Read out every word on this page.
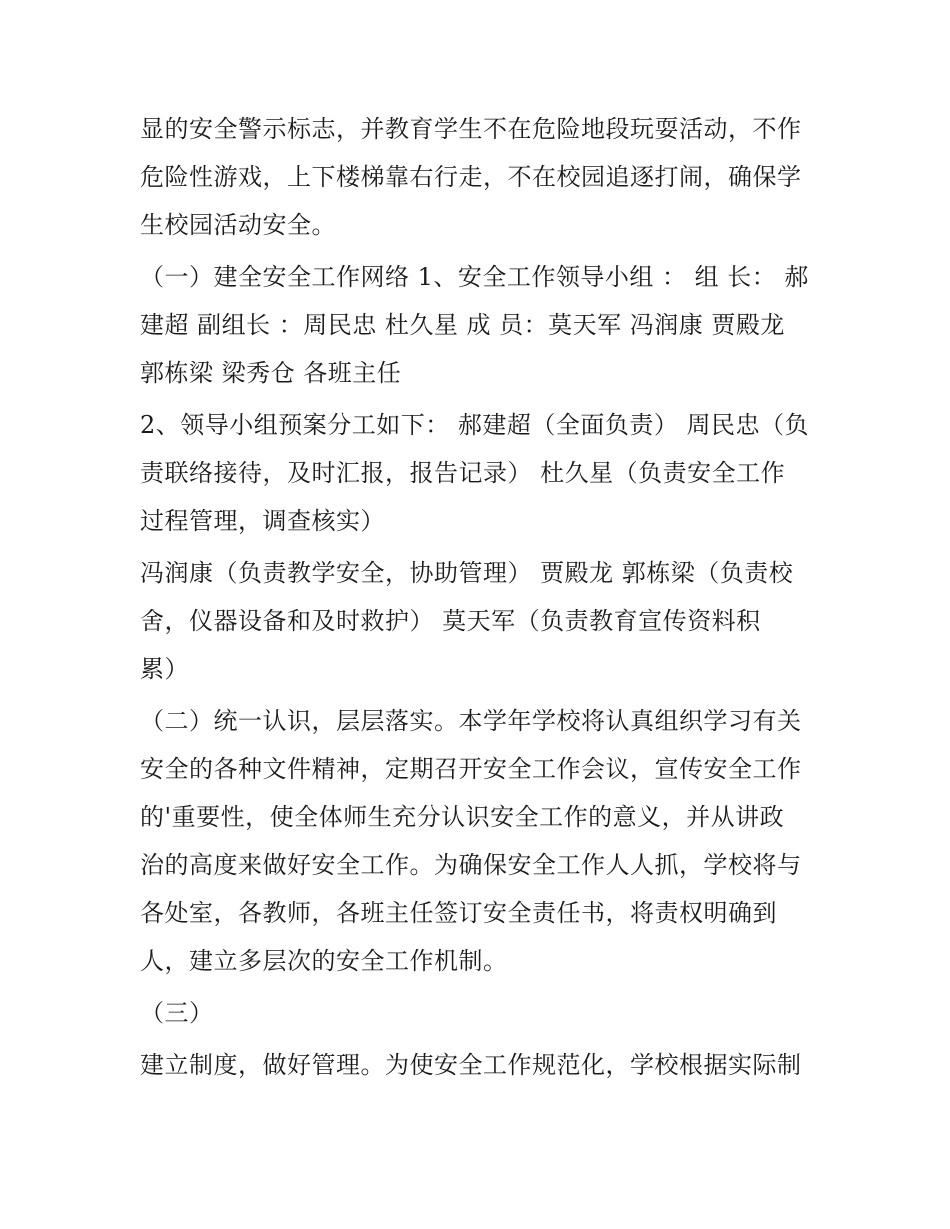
显的安全警示标志，并教育学生不在危险地段玩耍活动，不作
危险性游戏，上下楼梯靠右行走，不在校园追逐打闹，确保学
生校园活动安全。

（一）建全安全工作网络 1、安全工作领导小组 ： 组 长： 郝
建超 副组长 ：周民忠 杜久星 成 员：莫天军 冯润康 贾殿龙
郭栋梁 梁秀仓 各班主任

2、领导小组预案分工如下： 郝建超（全面负责） 周民忠（负
责联络接待，及时汇报，报告记录） 杜久星（负责安全工作
过程管理，调查核实）

冯润康（负责教学安全，协助管理） 贾殿龙 郭栋梁（负责校
舍，仪器设备和及时救护） 莫天军（负责教育宣传资料积
累）

（二）统一认识，层层落实。本学年学校将认真组织学习有关
安全的各种文件精神，定期召开安全工作会议，宣传安全工作
的'重要性，使全体师生充分认识安全工作的意义，并从讲政
治的高度来做好安全工作。为确保安全工作人人抓，学校将与
各处室，各教师，各班主任签订安全责任书，将责权明确到
人，建立多层次的安全工作机制。

（三）

建立制度，做好管理。为使安全工作规范化，学校根据实际制
